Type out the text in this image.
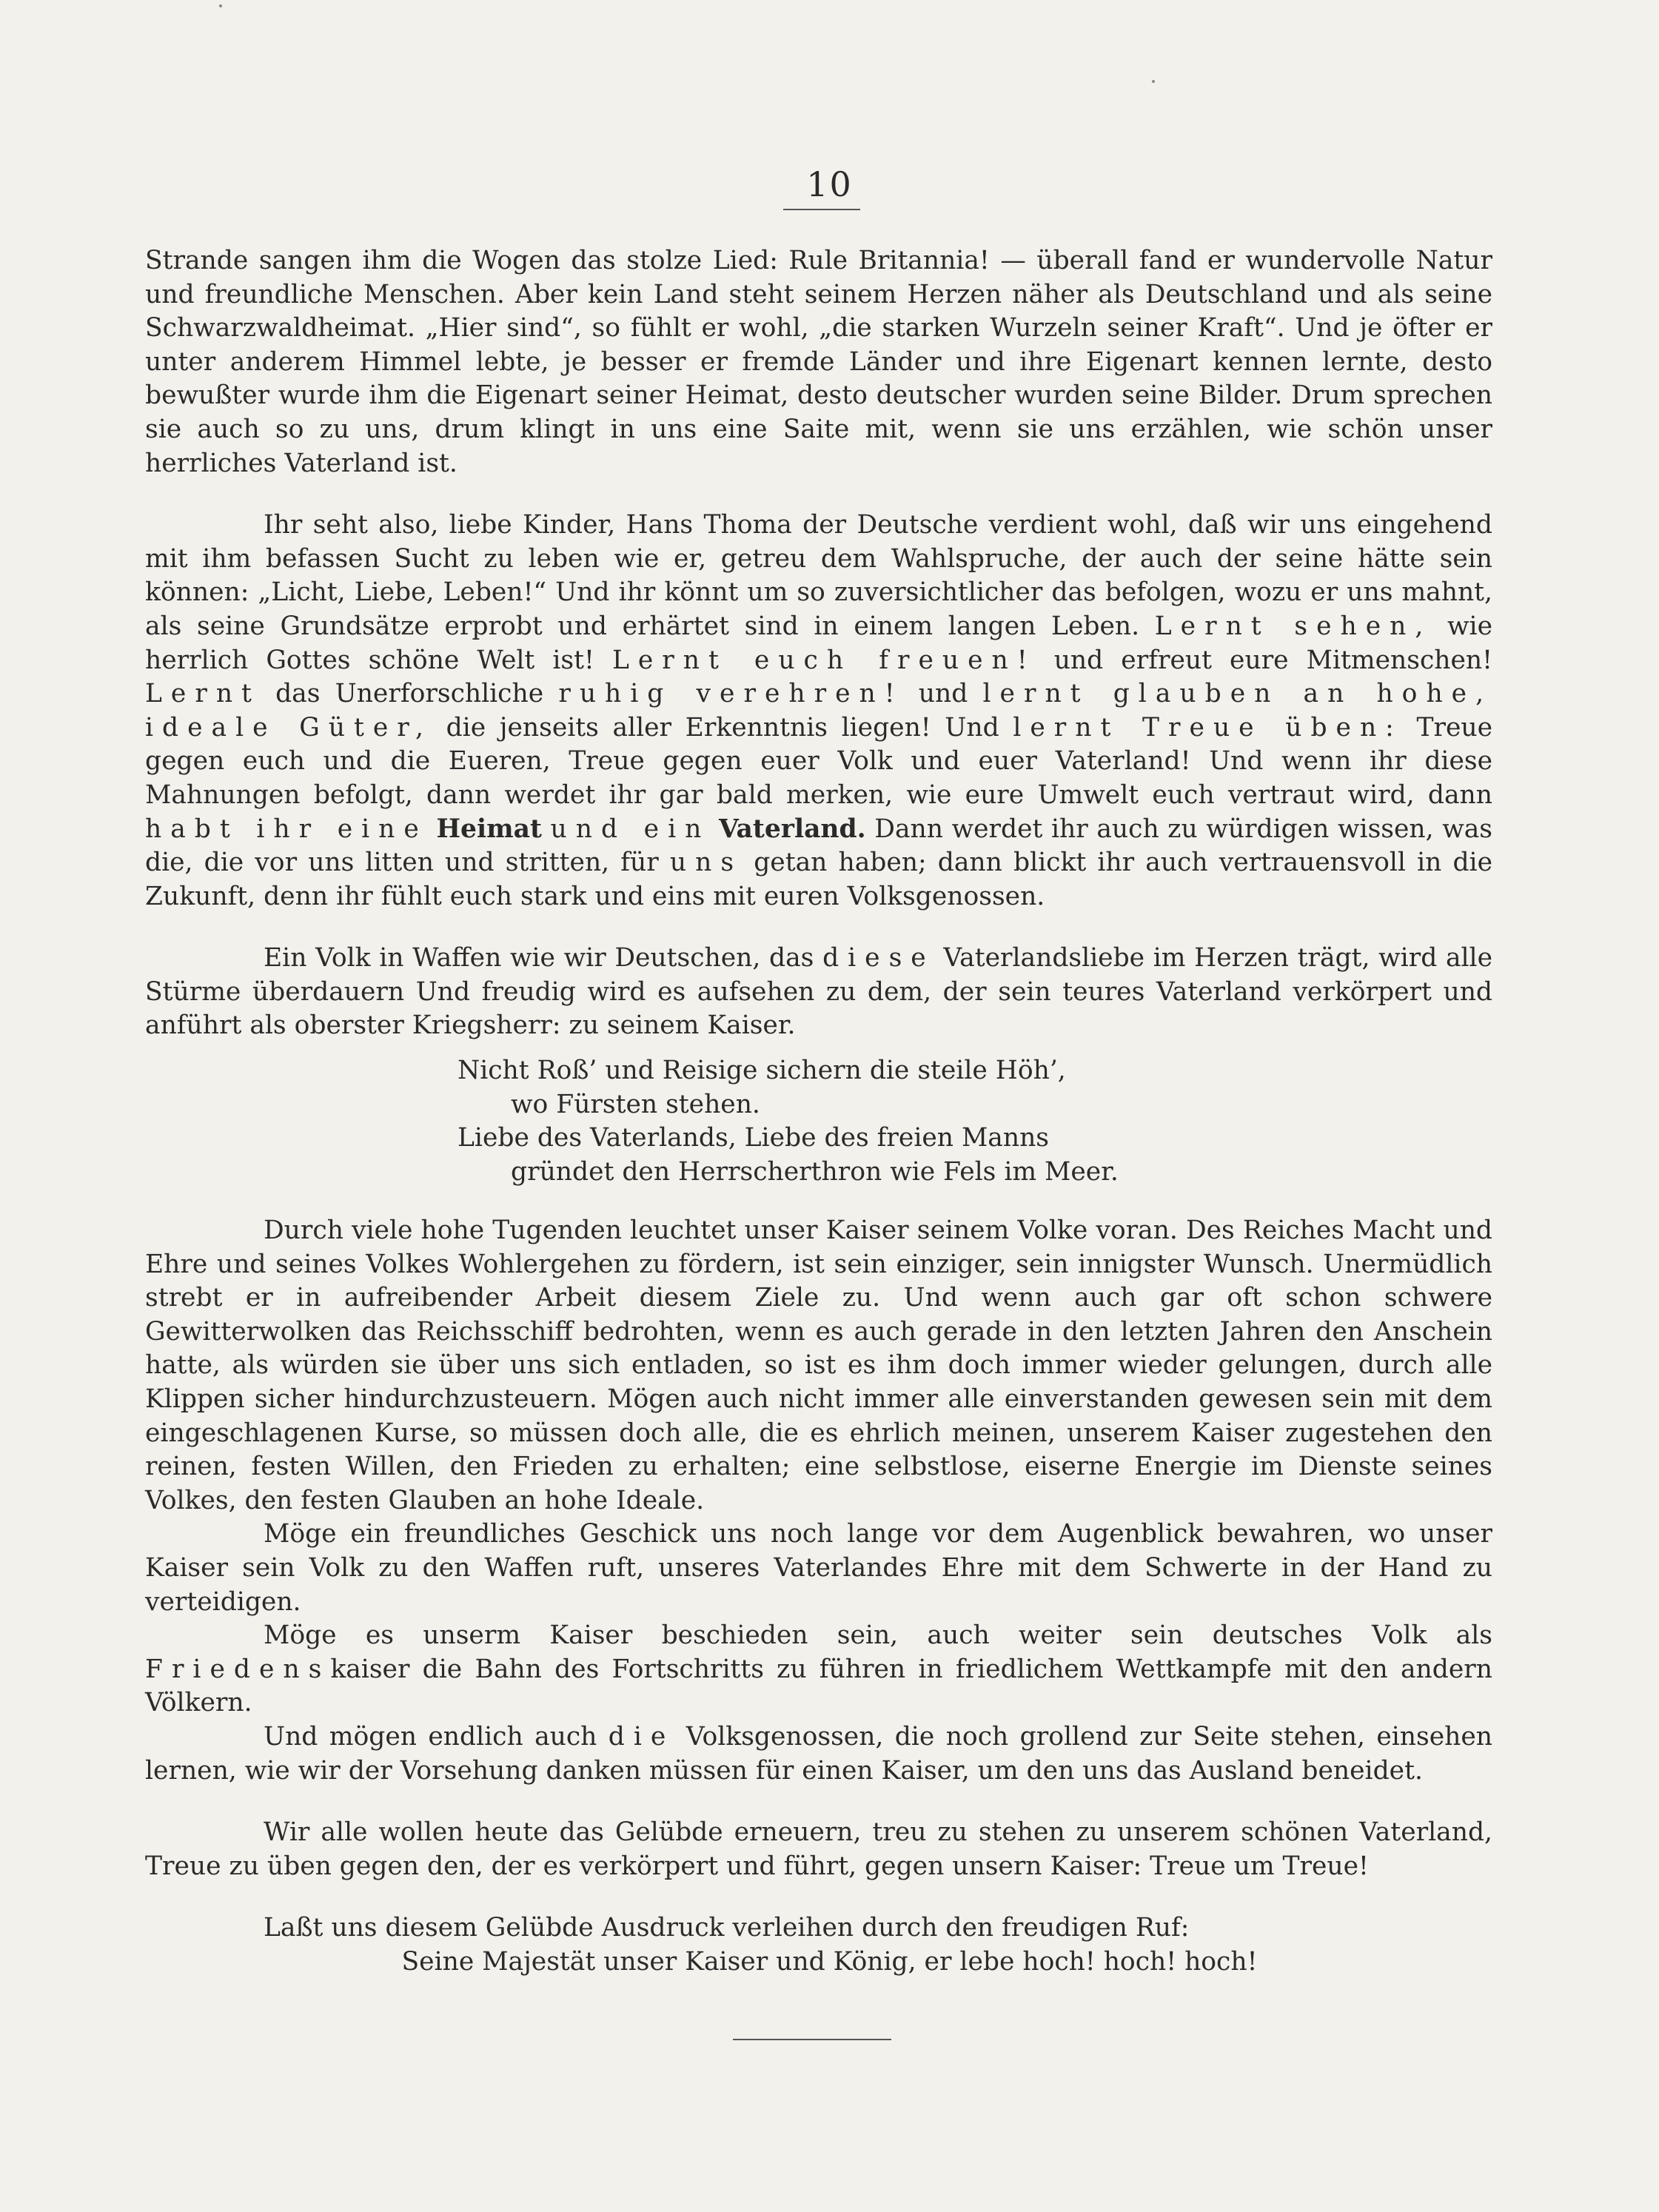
10

Strande sangen ihm die Wogen das stolze Lied: Rule Britannia! — überall fand er wundervolle Natur und freundliche Menschen. Aber kein Land steht seinem Herzen näher als Deutschland und als seine Schwarzwaldheimat. „Hier sind“, so fühlt er wohl, „die starken Wurzeln seiner Kraft“. Und je öfter er unter anderem Himmel lebte, je besser er fremde Länder und ihre Eigenart kennen lernte, desto bewußter wurde ihm die Eigenart seiner Heimat, desto deutscher wurden seine Bilder. Drum sprechen sie auch so zu uns, drum klingt in uns eine Saite mit, wenn sie uns erzählen, wie schön unser herrliches Vaterland ist.

Ihr seht also, liebe Kinder, Hans Thoma der Deutsche verdient wohl, daß wir uns eingehend mit ihm befassen Sucht zu leben wie er, getreu dem Wahlspruche, der auch der seine hätte sein können: „Licht, Liebe, Leben!“ Und ihr könnt um so zuversichtlicher das befolgen, wozu er uns mahnt, als seine Grundsätze erprobt und erhärtet sind in einem langen Leben. Lernt sehen, wie herrlich Gottes schöne Welt ist! Lernt euch freuen! und erfreut eure Mitmenschen! Lernt das Unerforschliche ruhig verehren! und lernt glauben an hohe, ideale Güter, die jenseits aller Erkenntnis liegen! Und lernt Treue üben: Treue gegen euch und die Eueren, Treue gegen euer Volk und euer Vaterland! Und wenn ihr diese Mahnungen befolgt, dann werdet ihr gar bald merken, wie eure Umwelt euch vertraut wird, dann habt ihr eine Heimat und ein Vaterland. Dann werdet ihr auch zu würdigen wissen, was die, die vor uns litten und stritten, für uns getan haben; dann blickt ihr auch vertrauensvoll in die Zukunft, denn ihr fühlt euch stark und eins mit euren Volksgenossen.

Ein Volk in Waffen wie wir Deutschen, das diese Vaterlandsliebe im Herzen trägt, wird alle Stürme überdauern Und freudig wird es aufsehen zu dem, der sein teures Vaterland verkörpert und anführt als oberster Kriegsherr: zu seinem Kaiser.

Nicht Roß’ und Reisige sichern die steile Höh’,
wo Fürsten stehen.
Liebe des Vaterlands, Liebe des freien Manns
gründet den Herrscherthron wie Fels im Meer.

Durch viele hohe Tugenden leuchtet unser Kaiser seinem Volke voran. Des Reiches Macht und Ehre und seines Volkes Wohlergehen zu fördern, ist sein einziger, sein innigster Wunsch. Unermüdlich strebt er in aufreibender Arbeit diesem Ziele zu. Und wenn auch gar oft schon schwere Gewitterwolken das Reichsschiff bedrohten, wenn es auch gerade in den letzten Jahren den Anschein hatte, als würden sie über uns sich entladen, so ist es ihm doch immer wieder gelungen, durch alle Klippen sicher hindurchzusteuern. Mögen auch nicht immer alle einverstanden gewesen sein mit dem eingeschlagenen Kurse, so müssen doch alle, die es ehrlich meinen, unserem Kaiser zugestehen den reinen, festen Willen, den Frieden zu erhalten; eine selbstlose, eiserne Energie im Dienste seines Volkes, den festen Glauben an hohe Ideale.

Möge ein freundliches Geschick uns noch lange vor dem Augenblick bewahren, wo unser Kaiser sein Volk zu den Waffen ruft, unseres Vaterlandes Ehre mit dem Schwerte in der Hand zu verteidigen.

Möge es unserm Kaiser beschieden sein, auch weiter sein deutsches Volk als Friedenskaiser die Bahn des Fortschritts zu führen in friedlichem Wettkampfe mit den andern Völkern.

Und mögen endlich auch die Volksgenossen, die noch grollend zur Seite stehen, einsehen lernen, wie wir der Vorsehung danken müssen für einen Kaiser, um den uns das Ausland beneidet.

Wir alle wollen heute das Gelübde erneuern, treu zu stehen zu unserem schönen Vaterland, Treue zu üben gegen den, der es verkörpert und führt, gegen unsern Kaiser: Treue um Treue!

Laßt uns diesem Gelübde Ausdruck verleihen durch den freudigen Ruf:

Seine Majestät unser Kaiser und König, er lebe hoch! hoch! hoch!
